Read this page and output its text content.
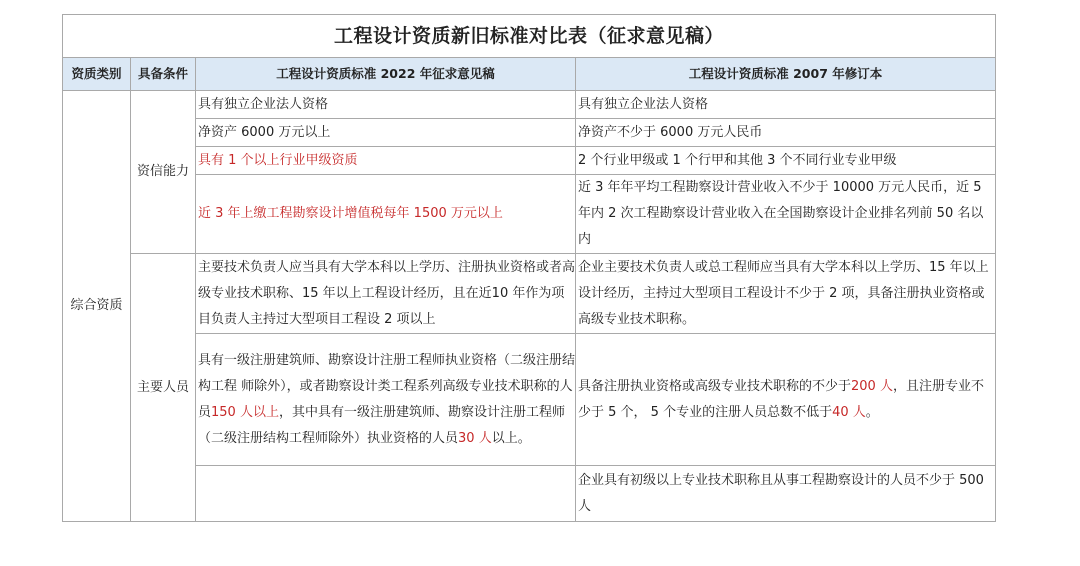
工程设计资质新旧标准对比表（征求意见稿）			
资质类别	具备条件	工程设计资质标准 2022 年征求意见稿	工程设计资质标准 2007 年修订本
综合资质	资信能力	具有独立企业法人资格	具有独立企业法人资格
		净资产 6000 万元以上	净资产不少于 6000 万元人民币
		具有 1 个以上行业甲级资质	2 个行业甲级或 1 个行甲和其他 3 个不同行业专业甲级
		近 3 年上缴工程勘察设计增值税每年 1500 万元以上	近 3 年年平均工程勘察设计营业收入不少于 10000 万元人民币，近 5 年内 2 次工程勘察设计营业收入在全国勘察设计企业排名列前 50 名以内
	主要人员	主要技术负责人应当具有大学本科以上学历、注册执业资格或者高级专业技术职称、15 年以上工程设计经历，且在近10 年作为项目负责人主持过大型项目工程设 2 项以上	企业主要技术负责人或总工程师应当具有大学本科以上学历、15 年以上设计经历，主持过大型项目工程设计不少于 2 项，具备注册执业资格或高级专业技术职称。
		具有一级注册建筑师、勘察设计注册工程师执业资格（二级注册结构工程 师除外），或者勘察设计类工程系列高级专业技术职称的人员150 人以上，其中具有一级注册建筑师、勘察设计注册工程师（二级注册结构工程师除外）执业资格的人员30 人以上。	具备注册执业资格或高级专业技术职称的不少于200 人，且注册专业不少于 5 个， 5 个专业的注册人员总数不低于40 人。
			企业具有初级以上专业技术职称且从事工程勘察设计的人员不少于 500 人
